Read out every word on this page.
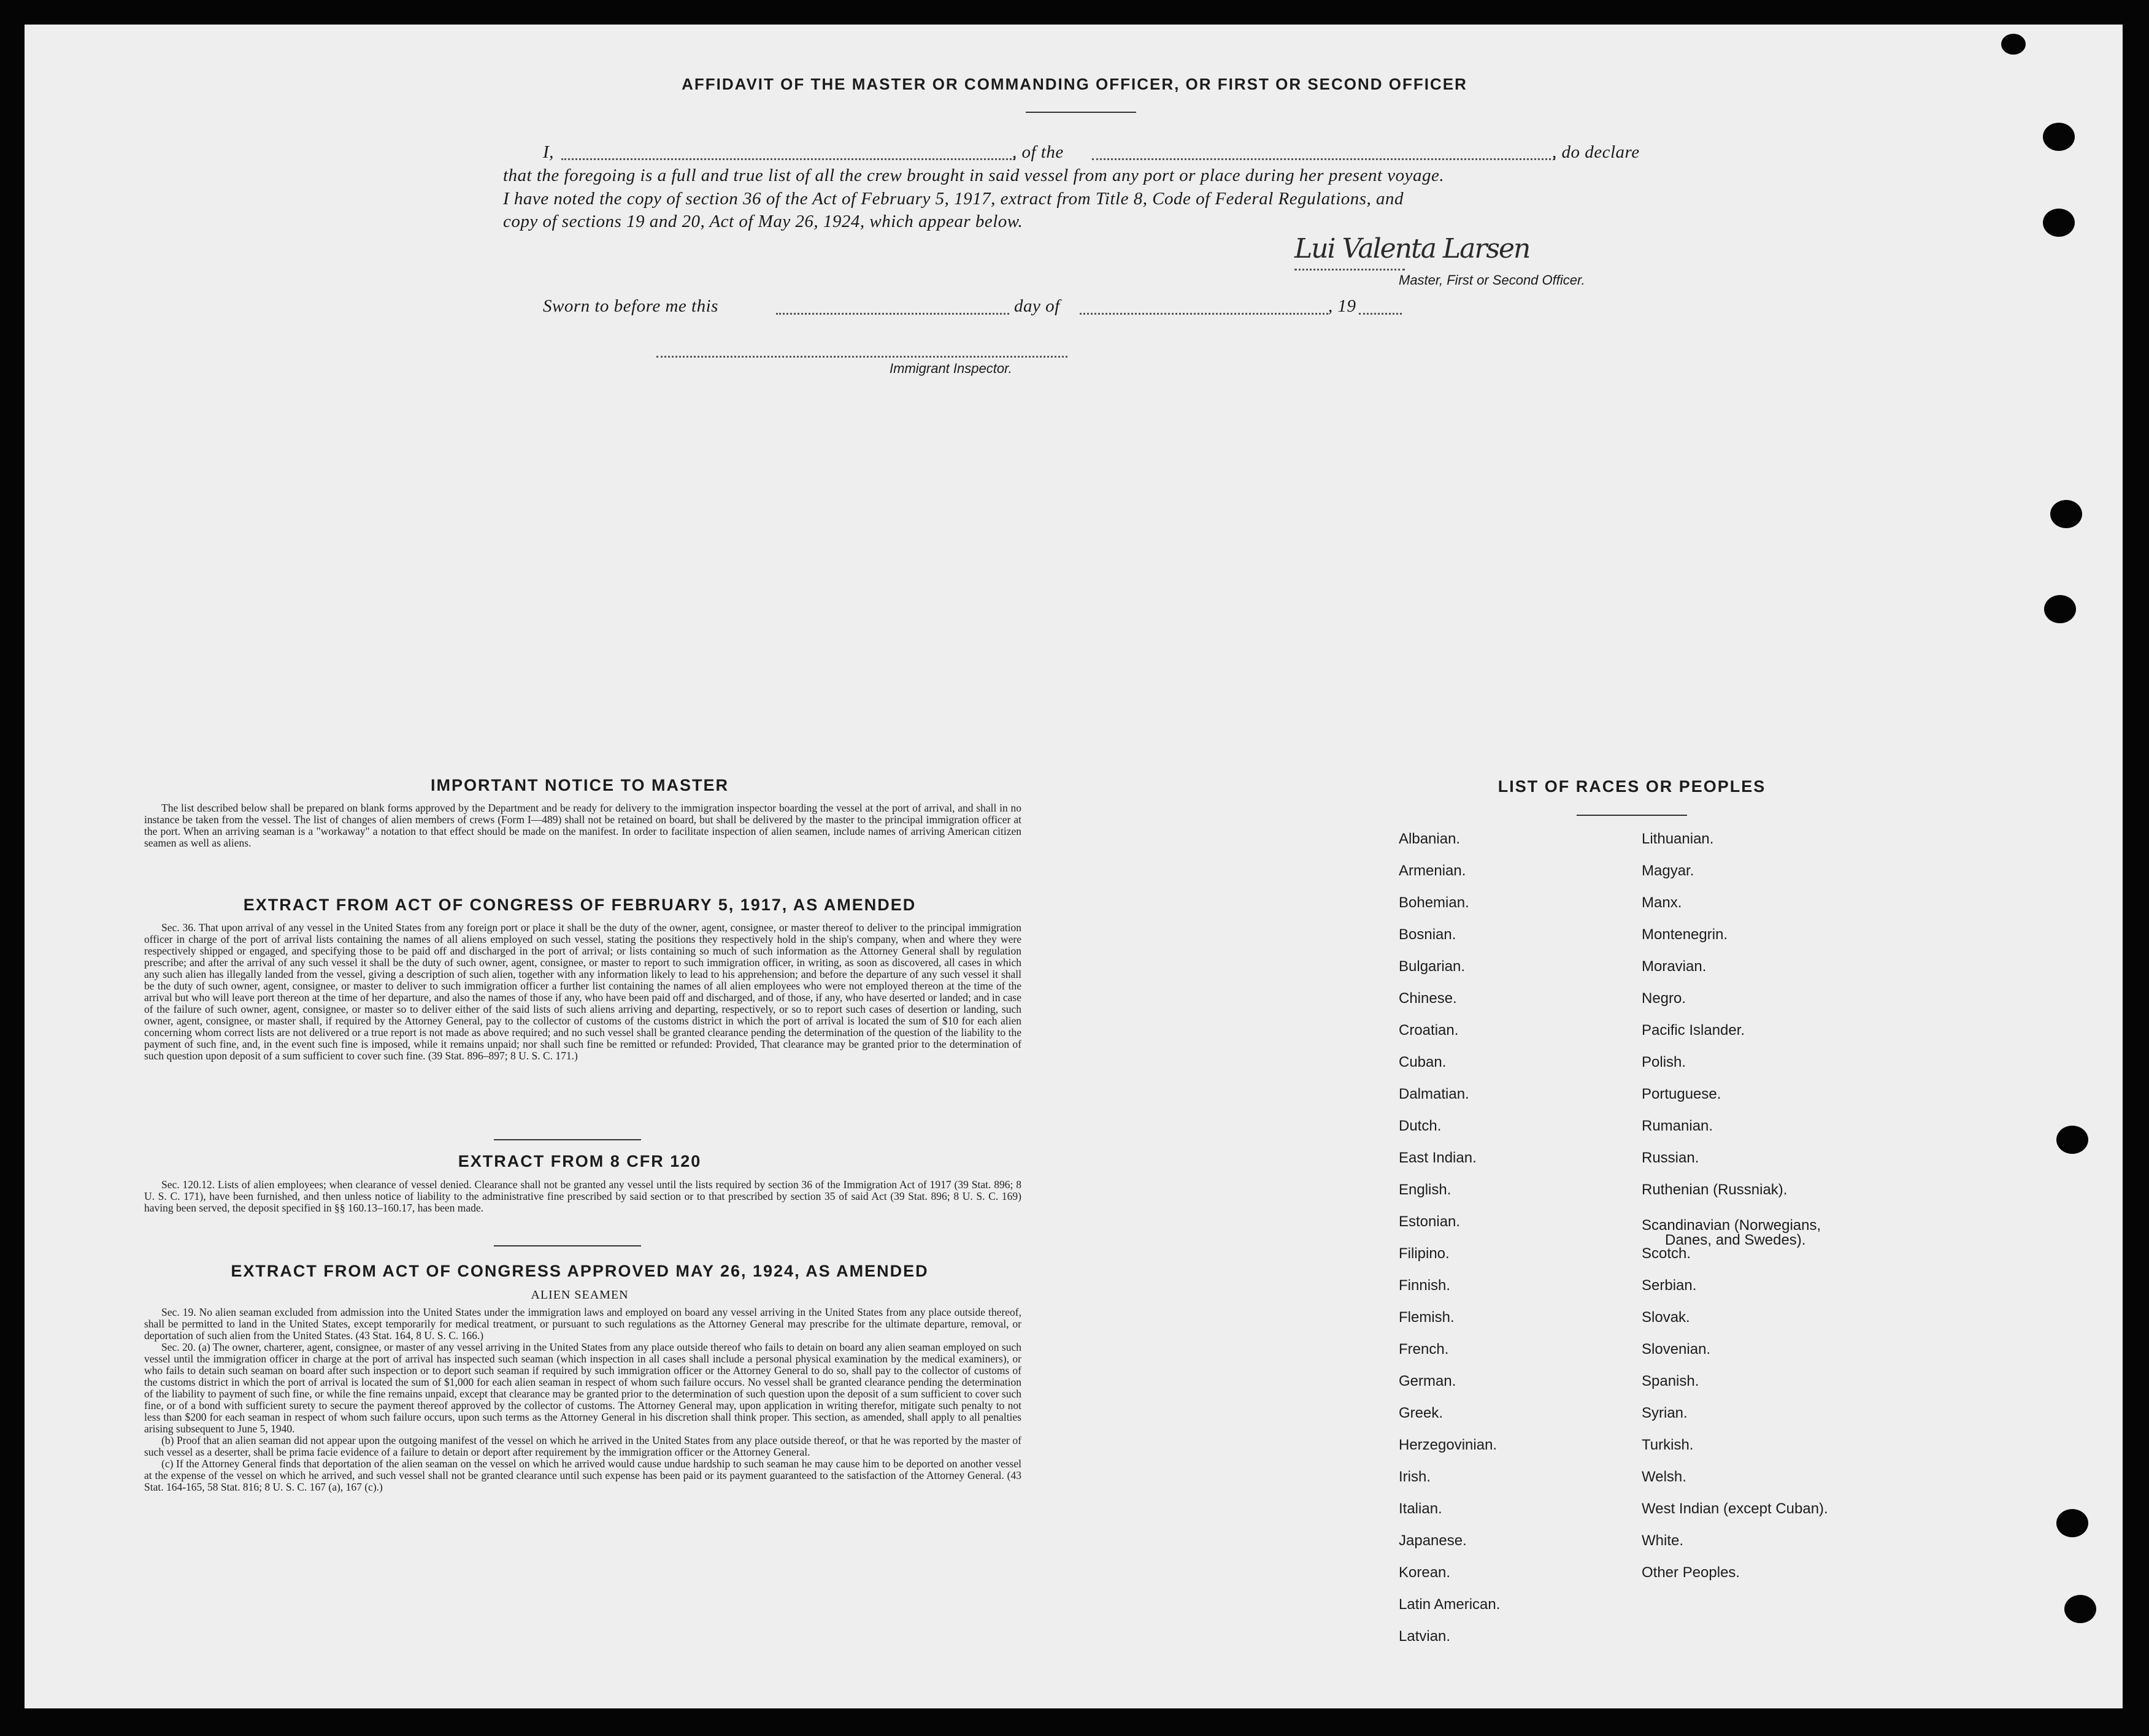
AFFIDAVIT OF THE MASTER OR COMMANDING OFFICER, OR FIRST OR SECOND OFFICER
I,	, of the	, do declare
that the foregoing is a full and true list of all the crew brought in said vessel from any port or place during her present voyage.
I have noted the copy of section 36 of the Act of February 5, 1917, extract from Title 8, Code of Federal Regulations, and
copy of sections 19 and 20, Act of May 26, 1924, which appear below.
Lui Valenta Larsen
Master, First or Second Officer.
Sworn to before me this	day of	, 19
Immigrant Inspector.
IMPORTANT NOTICE TO MASTER

The list described below shall be prepared on blank forms approved by the Department and be ready for delivery to the immigration inspector boarding the vessel at the port of arrival, and shall in no instance be taken from the vessel. The list of changes of alien members of crews (Form I—489) shall not be retained on board, but shall be delivered by the master to the principal immigration officer at the port. When an arriving seaman is a "workaway" a notation to that effect should be made on the manifest. In order to facilitate inspection of alien seamen, include names of arriving American citizen seamen as well as aliens.

EXTRACT FROM ACT OF CONGRESS OF FEBRUARY 5, 1917, AS AMENDED

Sec. 36. That upon arrival of any vessel in the United States from any foreign port or place it shall be the duty of the owner, agent, consignee, or master thereof to deliver to the principal immigration officer in charge of the port of arrival lists containing the names of all aliens employed on such vessel, stating the positions they respectively hold in the ship's company, when and where they were respectively shipped or engaged, and specifying those to be paid off and discharged in the port of arrival; or lists containing so much of such information as the Attorney General shall by regulation prescribe; and after the arrival of any such vessel it shall be the duty of such owner, agent, consignee, or master to report to such immigration officer, in writing, as soon as discovered, all cases in which any such alien has illegally landed from the vessel, giving a description of such alien, together with any information likely to lead to his apprehension; and before the departure of any such vessel it shall be the duty of such owner, agent, consignee, or master to deliver to such immigration officer a further list containing the names of all alien employees who were not employed thereon at the time of the arrival but who will leave port thereon at the time of her departure, and also the names of those if any, who have been paid off and discharged, and of those, if any, who have deserted or landed; and in case of the failure of such owner, agent, consignee, or master so to deliver either of the said lists of such aliens arriving and departing, respectively, or so to report such cases of desertion or landing, such owner, agent, consignee, or master shall, if required by the Attorney General, pay to the collector of customs of the customs district in which the port of arrival is located the sum of $10 for each alien concerning whom correct lists are not delivered or a true report is not made as above required; and no such vessel shall be granted clearance pending the determination of the question of the liability to the payment of such fine, and, in the event such fine is imposed, while it remains unpaid; nor shall such fine be remitted or refunded: Provided, That clearance may be granted prior to the determination of such question upon deposit of a sum sufficient to cover such fine. (39 Stat. 896–897; 8 U. S. C. 171.)

EXTRACT FROM 8 CFR 120

Sec. 120.12. Lists of alien employees; when clearance of vessel denied. Clearance shall not be granted any vessel until the lists required by section 36 of the Immigration Act of 1917 (39 Stat. 896; 8 U. S. C. 171), have been furnished, and then unless notice of liability to the administrative fine prescribed by said section or to that prescribed by section 35 of said Act (39 Stat. 896; 8 U. S. C. 169) having been served, the deposit specified in §§ 160.13–160.17, has been made.

EXTRACT FROM ACT OF CONGRESS APPROVED MAY 26, 1924, AS AMENDED
ALIEN SEAMEN

Sec. 19. No alien seaman excluded from admission into the United States under the immigration laws and employed on board any vessel arriving in the United States from any place outside thereof, shall be permitted to land in the United States, except temporarily for medical treatment, or pursuant to such regulations as the Attorney General may prescribe for the ultimate departure, removal, or deportation of such alien from the United States. (43 Stat. 164, 8 U. S. C. 166.)

Sec. 20. (a) The owner, charterer, agent, consignee, or master of any vessel arriving in the United States from any place outside thereof who fails to detain on board any alien seaman employed on such vessel until the immigration officer in charge at the port of arrival has inspected such seaman (which inspection in all cases shall include a personal physical examination by the medical examiners), or who fails to detain such seaman on board after such inspection or to deport such seaman if required by such immigration officer or the Attorney General to do so, shall pay to the collector of customs of the customs district in which the port of arrival is located the sum of $1,000 for each alien seaman in respect of whom such failure occurs. No vessel shall be granted clearance pending the determination of the liability to payment of such fine, or while the fine remains unpaid, except that clearance may be granted prior to the determination of such question upon the deposit of a sum sufficient to cover such fine, or of a bond with sufficient surety to secure the payment thereof approved by the collector of customs. The Attorney General may, upon application in writing therefor, mitigate such penalty to not less than $200 for each seaman in respect of whom such failure occurs, upon such terms as the Attorney General in his discretion shall think proper. This section, as amended, shall apply to all penalties arising subsequent to June 5, 1940.

(b) Proof that an alien seaman did not appear upon the outgoing manifest of the vessel on which he arrived in the United States from any place outside thereof, or that he was reported by the master of such vessel as a deserter, shall be prima facie evidence of a failure to detain or deport after requirement by the immigration officer or the Attorney General.

(c) If the Attorney General finds that deportation of the alien seaman on the vessel on which he arrived would cause undue hardship to such seaman he may cause him to be deported on another vessel at the expense of the vessel on which he arrived, and such vessel shall not be granted clearance until such expense has been paid or its payment guaranteed to the satisfaction of the Attorney General. (43 Stat. 164-165, 58 Stat. 816; 8 U. S. C. 167 (a), 167 (c).)

LIST OF RACES OR PEOPLES
Albanian.
Armenian.
Bohemian.
Bosnian.
Bulgarian.
Chinese.
Croatian.
Cuban.
Dalmatian.
Dutch.
East Indian.
English.
Estonian.
Filipino.
Finnish.
Flemish.
French.
German.
Greek.
Herzegovinian.
Irish.
Italian.
Japanese.
Korean.
Latin American.
Latvian.
Lithuanian.
Magyar.
Manx.
Montenegrin.
Moravian.
Negro.
Pacific Islander.
Polish.
Portuguese.
Rumanian.
Russian.
Ruthenian (Russniak).
Scandinavian (Norwegians,
Danes, and Swedes).
Scotch.
Serbian.
Slovak.
Slovenian.
Spanish.
Syrian.
Turkish.
Welsh.
West Indian (except Cuban).
White.
Other Peoples.
